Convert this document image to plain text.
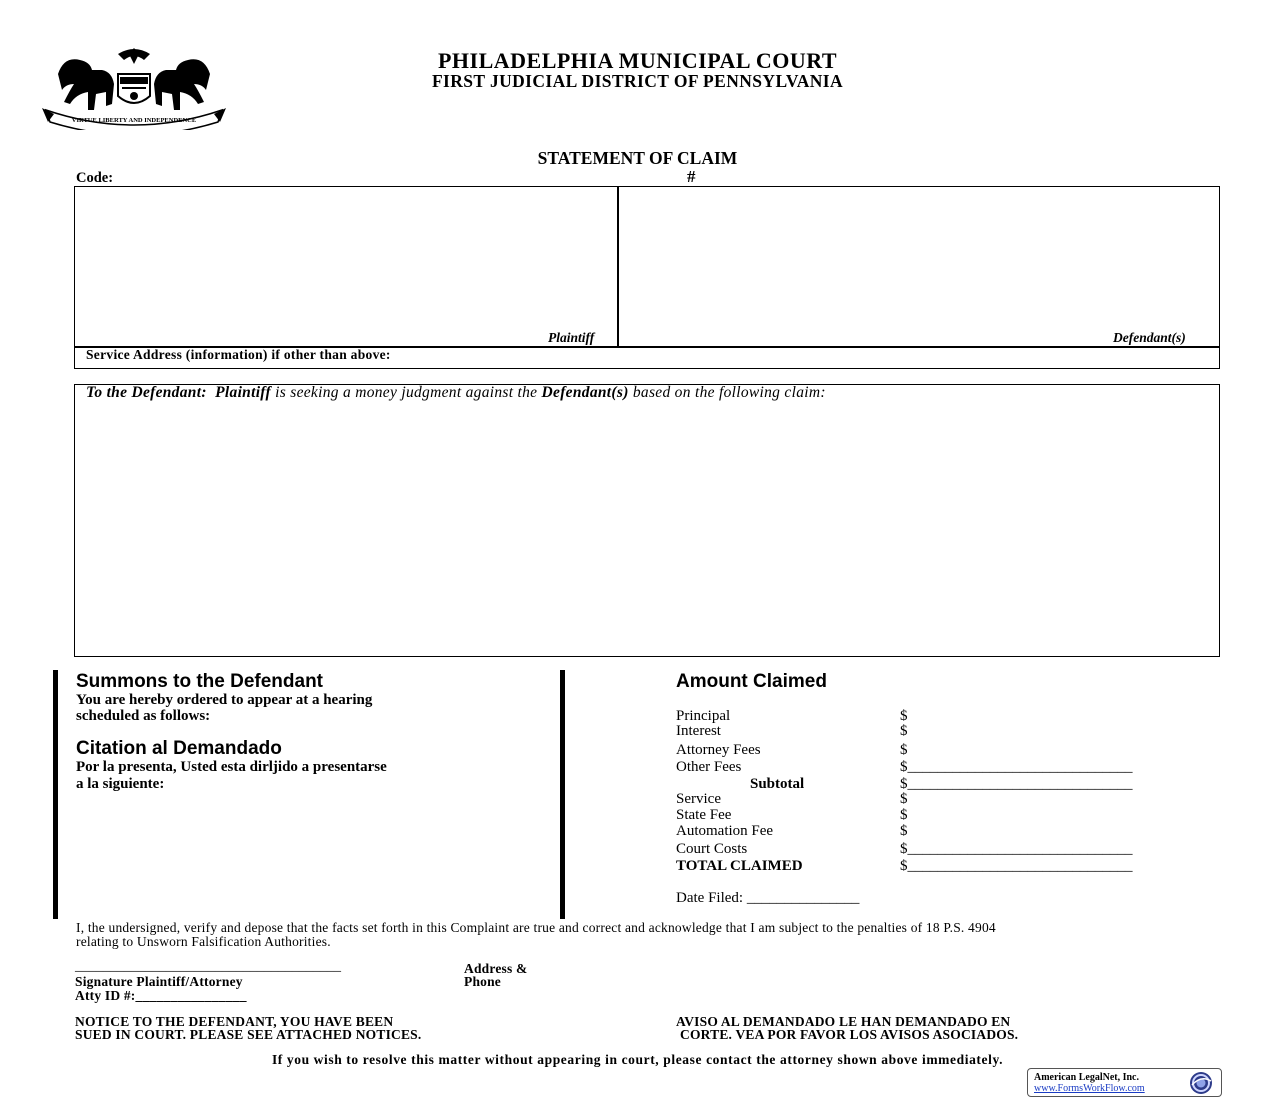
VIRTUE LIBERTY AND INDEPENDENCE
PHILADELPHIA MUNICIPAL COURT
FIRST JUDICIAL DISTRICT OF PENNSYLVANIA
STATEMENT OF CLAIM
Code:	#
Plaintiff	Defendant(s)
Service Address (information) if other than above:
To the Defendant: Plaintiff is seeking a money judgment against the Defendant(s) based on the following claim:
Summons to the Defendant
You are hereby ordered to appear at a hearing
scheduled as follows:
Citation al Demandado
Por la presenta, Usted esta dirljido a presentarse
a la siguiente:
Amount Claimed
Principal	$
Interest	$
Attorney Fees	$
Other Fees	$______________________________
Subtotal	$______________________________
Service	$
State Fee	$
Automation Fee	$
Court Costs	$______________________________
TOTAL CLAIMED	$______________________________
Date Filed: _______________
I, the undersigned, verify and depose that the facts set forth in this Complaint are true and correct and acknowledge that I am subject to the penalties of 18 P.S. 4904
relating to Unsworn Falsification Authorities.
______________________________________
Signature Plaintiff/Attorney
Atty ID #:________________
Address &
Phone
NOTICE TO THE DEFENDANT, YOU HAVE BEEN
SUED IN COURT. PLEASE SEE ATTACHED NOTICES.
AVISO AL DEMANDADO LE HAN DEMANDADO EN
CORTE. VEA POR FAVOR LOS AVISOS ASOCIADOS.
If you wish to resolve this matter without appearing in court, please contact the attorney shown above immediately.
American LegalNet, Inc.
www.FormsWorkFlow.com
